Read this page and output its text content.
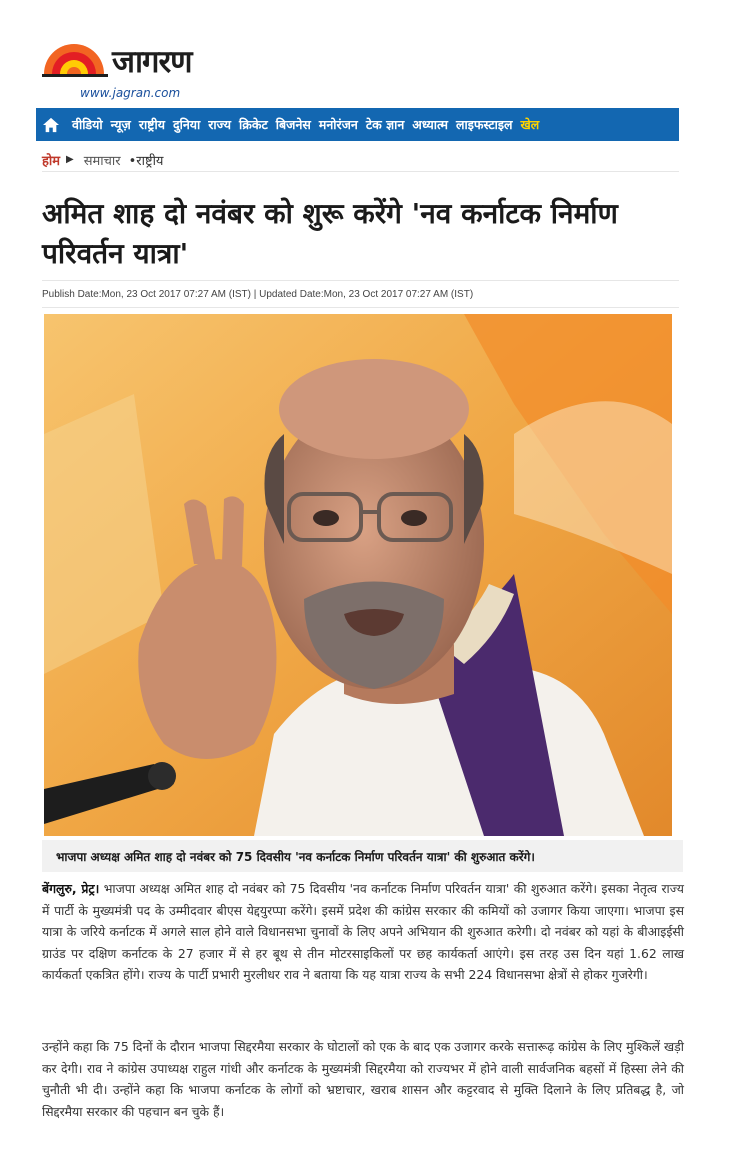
जागरण
www.jagran.com
वीडियो न्यूज़ राष्ट्रीय दुनिया राज्य क्रिकेट बिजनेस मनोरंजन टेक ज्ञान अध्यात्म लाइफस्टाइल खेल
होम ▶ समाचार •राष्ट्रीय
अमित शाह दो नवंबर को शुरू करेंगे 'नव कर्नाटक निर्माण परिवर्तन यात्रा'
Publish Date:Mon, 23 Oct 2017 07:27 AM (IST) | Updated Date:Mon, 23 Oct 2017 07:27 AM (IST)
भाजपा अध्यक्ष अमित शाह दो नवंबर को 75 दिवसीय 'नव कर्नाटक निर्माण परिवर्तन यात्रा' की शुरुआत करेंगे।

बेंगलुरु, प्रेट्र। भाजपा अध्यक्ष अमित शाह दो नवंबर को 75 दिवसीय 'नव कर्नाटक निर्माण परिवर्तन यात्रा' की शुरुआत करेंगे। इसका नेतृत्व राज्य में पार्टी के मुख्यमंत्री पद के उम्मीदवार बीएस येद्दयुरप्पा करेंगे। इसमें प्रदेश की कांग्रेस सरकार की कमियों को उजागर किया जाएगा। भाजपा इस यात्रा के जरिये कर्नाटक में अगले साल होने वाले विधानसभा चुनावों के लिए अपने अभियान की शुरुआत करेगी। दो नवंबर को यहां के बीआइईसी ग्राउंड पर दक्षिण कर्नाटक के 27 हजार में से हर बूथ से तीन मोटरसाइकिलों पर छह कार्यकर्ता आएंगे। इस तरह उस दिन यहां 1.62 लाख कार्यकर्ता एकत्रित होंगे। राज्य के पार्टी प्रभारी मुरलीधर राव ने बताया कि यह यात्रा राज्य के सभी 224 विधानसभा क्षेत्रों से होकर गुजरेगी।

उन्होंने कहा कि 75 दिनों के दौरान भाजपा सिद्दरमैया सरकार के घोटालों को एक के बाद एक उजागर करके सत्तारूढ़ कांग्रेस के लिए मुश्किलें खड़ी कर देगी। राव ने कांग्रेस उपाध्यक्ष राहुल गांधी और कर्नाटक के मुख्यमंत्री सिद्दरमैया को राज्यभर में होने वाली सार्वजनिक बहसों में हिस्सा लेने की चुनौती भी दी। उन्होंने कहा कि भाजपा कर्नाटक के लोगों को भ्रष्टाचार, खराब शासन और कट्टरवाद से मुक्ति दिलाने के लिए प्रतिबद्ध है, जो सिद्दरमैया सरकार की पहचान बन चुके हैं।
